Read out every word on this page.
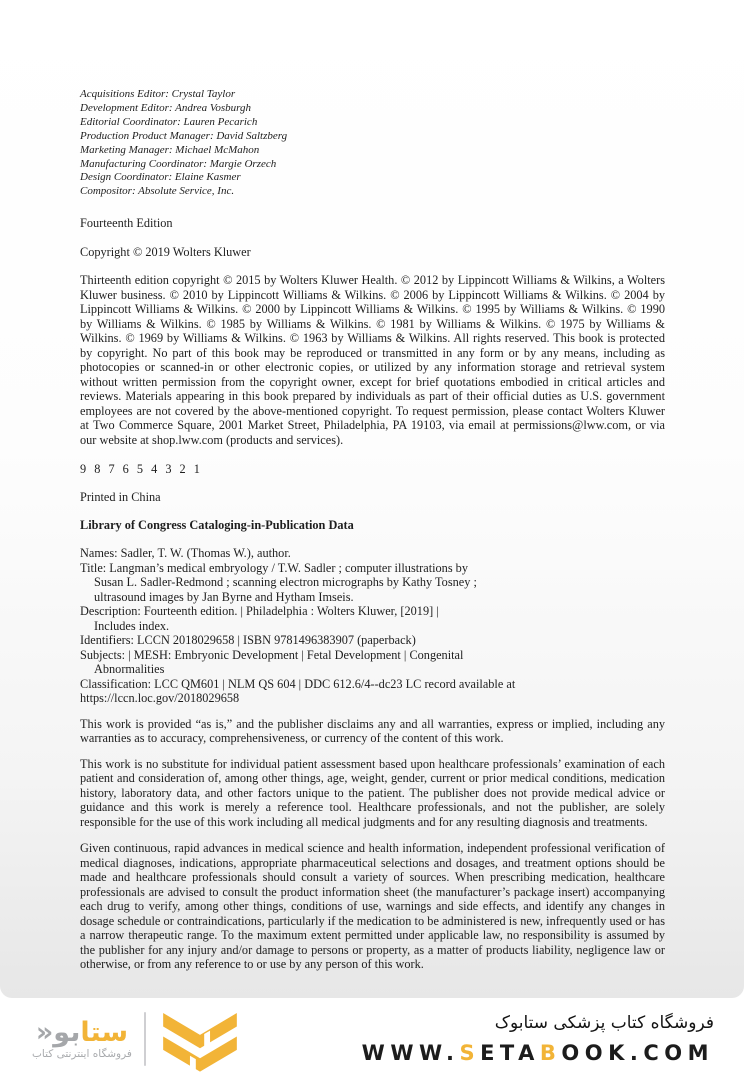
Acquisitions Editor: Crystal Taylor
Development Editor: Andrea Vosburgh
Editorial Coordinator: Lauren Pecarich
Production Product Manager: David Saltzberg
Marketing Manager: Michael McMahon
Manufacturing Coordinator: Margie Orzech
Design Coordinator: Elaine Kasmer
Compositor: Absolute Service, Inc.

Fourteenth Edition

Copyright © 2019 Wolters Kluwer

Thirteenth edition copyright © 2015 by Wolters Kluwer Health. © 2012 by Lippincott Williams & Wilkins, a Wolters Kluwer business. © 2010 by Lippincott Williams & Wilkins. © 2006 by Lippincott Williams & Wilkins. © 2004 by Lippincott Williams & Wilkins. © 2000 by Lippincott Williams & Wilkins. © 1995 by Williams & Wilkins. © 1990 by Williams & Wilkins. © 1985 by Williams & Wilkins. © 1981 by Williams & Wilkins. © 1975 by Williams & Wilkins. © 1969 by Williams & Wilkins. © 1963 by Williams & Wilkins. All rights reserved. This book is protected by copyright. No part of this book may be reproduced or transmitted in any form or by any means, including as photocopies or scanned-in or other electronic copies, or utilized by any information storage and retrieval system without written permission from the copyright owner, except for brief quotations embodied in critical articles and reviews. Materials appearing in this book prepared by individuals as part of their official duties as U.S. government employees are not covered by the above-mentioned copyright. To request permission, please contact Wolters Kluwer at Two Commerce Square, 2001 Market Street, Philadelphia, PA 19103, via email at permissions@lww.com, or via our website at shop.lww.com (products and services).

9 8 7 6 5 4 3 2 1

Printed in China

Library of Congress Cataloging-in-Publication Data

Names: Sadler, T. W. (Thomas W.), author.
Title: Langman’s medical embryology / T.W. Sadler ; computer illustrations by
Susan L. Sadler-Redmond ; scanning electron micrographs by Kathy Tosney ;
ultrasound images by Jan Byrne and Hytham Imseis.
Description: Fourteenth edition. | Philadelphia : Wolters Kluwer, [2019] |
Includes index.
Identifiers: LCCN 2018029658 | ISBN 9781496383907 (paperback)
Subjects: | MESH: Embryonic Development | Fetal Development | Congenital
Abnormalities
Classification: LCC QM601 | NLM QS 604 | DDC 612.6/4--dc23 LC record available at
https://lccn.loc.gov/2018029658

This work is provided “as is,” and the publisher disclaims any and all warranties, express or implied, including any warranties as to accuracy, comprehensiveness, or currency of the content of this work.

This work is no substitute for individual patient assessment based upon healthcare professionals’ examination of each patient and consideration of, among other things, age, weight, gender, current or prior medical conditions, medication history, laboratory data, and other factors unique to the patient. The publisher does not provide medical advice or guidance and this work is merely a reference tool. Healthcare professionals, and not the publisher, are solely responsible for the use of this work including all medical judgments and for any resulting diagnosis and treatments.

Given continuous, rapid advances in medical science and health information, independent professional verification of medical diagnoses, indications, appropriate pharmaceutical selections and dosages, and treatment options should be made and healthcare professionals should consult a variety of sources. When prescribing medication, healthcare professionals are advised to consult the product information sheet (the manufacturer’s package insert) accompanying each drug to verify, among other things, conditions of use, warnings and side effects, and identify any changes in dosage schedule or contraindications, particularly if the medication to be administered is new, infrequently used or has a narrow therapeutic range. To the maximum extent permitted under applicable law, no responsibility is assumed by the publisher for any injury and/or damage to persons or property, as a matter of products liability, negligence law or otherwise, or from any reference to or use by any person of this work.

ستابو«
فروشگاه اینترنتی کتاب
فروشگاه کتاب پزشکی ستابوک
WWW.SETABOOK.COM
